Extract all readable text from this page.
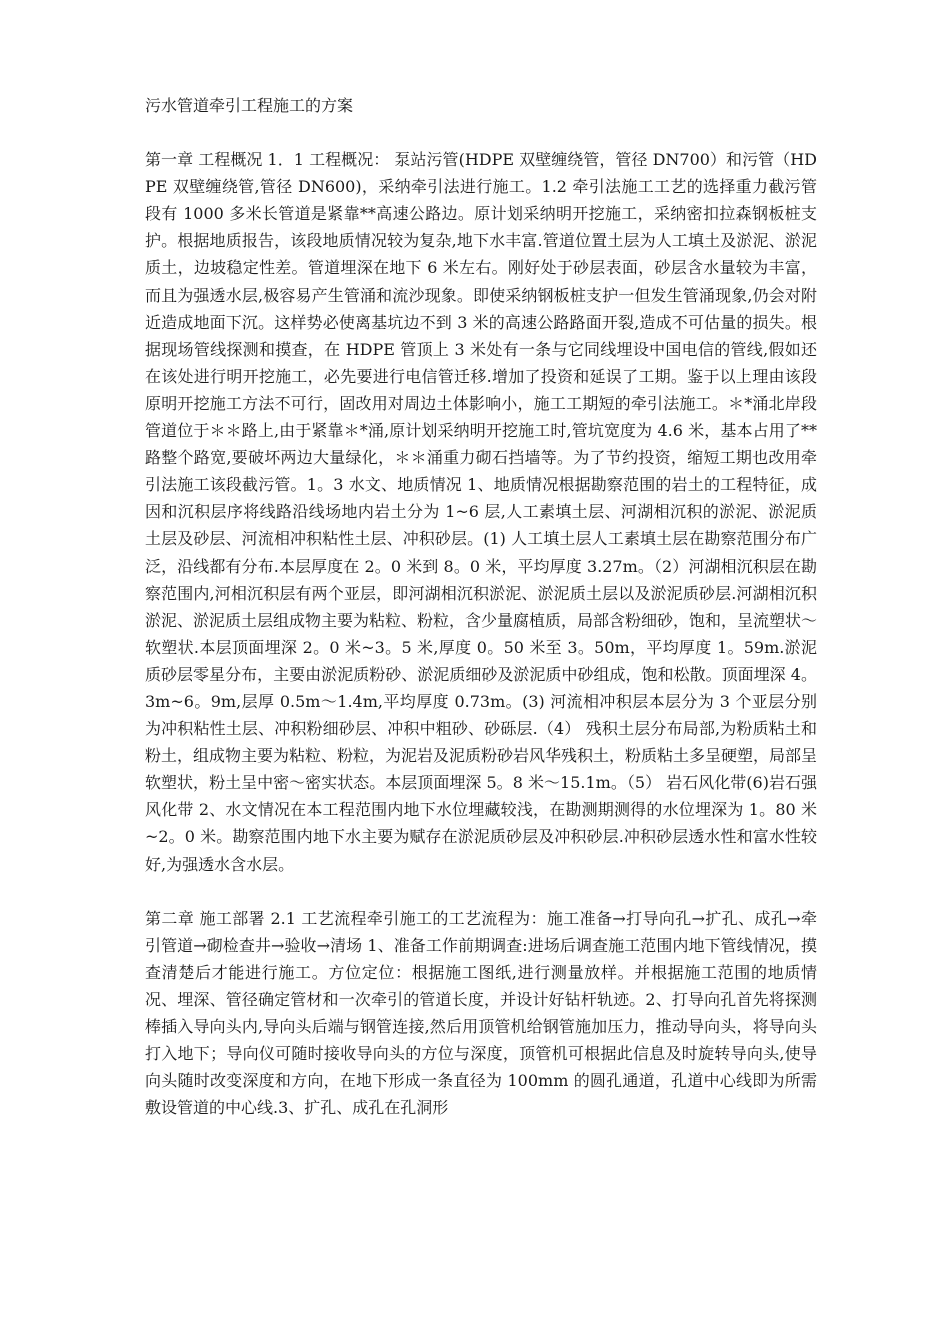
污水管道牵引工程施工的方案

第一章 工程概况 1．1 工程概况： 泵站污管(HDPE 双壁缠绕管，管径 DN700）和污管（HDPE 双壁缠绕管,管径 DN600)，采纳牵引法进行施工。1.2 牵引法施工工艺的选择重力截污管段有 1000 多米长管道是紧靠**高速公路边。原计划采纳明开挖施工，采纳密扣拉森钢板桩支护。根据地质报告，该段地质情况较为复杂,地下水丰富.管道位置土层为人工填土及淤泥、淤泥质土，边坡稳定性差。管道埋深在地下 6 米左右。刚好处于砂层表面，砂层含水量较为丰富，而且为强透水层,极容易产生管涌和流沙现象。即使采纳钢板桩支护一但发生管涌现象,仍会对附近造成地面下沉。这样势必使离基坑边不到 3 米的高速公路路面开裂,造成不可估量的损失。根据现场管线探测和摸查，在 HDPE 管顶上 3 米处有一条与它同线埋设中国电信的管线,假如还在该处进行明开挖施工，必先要进行电信管迁移.增加了投资和延误了工期。鉴于以上理由该段原明开挖施工方法不可行，固改用对周边土体影响小，施工工期短的牵引法施工。＊*涌北岸段管道位于＊＊路上,由于紧靠＊*涌,原计划采纳明开挖施工时,管坑宽度为 4.6 米，基本占用了**路整个路宽,要破坏两边大量绿化，＊＊涌重力砌石挡墙等。为了节约投资，缩短工期也改用牵引法施工该段截污管。1。3 水文、地质情况 1、地质情况根据勘察范围的岩土的工程特征，成因和沉积层序将线路沿线场地内岩土分为 1~6 层,人工素填土层、河湖相沉积的淤泥、淤泥质土层及砂层、河流相冲积粘性土层、冲积砂层。(1) 人工填土层人工素填土层在勘察范围分布广泛，沿线都有分布.本层厚度在 2。0 米到 8。0 米，平均厚度 3.27m。（2）河湖相沉积层在勘察范围内,河相沉积层有两个亚层，即河湖相沉积淤泥、淤泥质土层以及淤泥质砂层.河湖相沉积淤泥、淤泥质土层组成物主要为粘粒、粉粒，含少量腐植质，局部含粉细砂，饱和，呈流塑状～软塑状.本层顶面埋深 2。0 米~3。5 米,厚度 0。50 米至 3。50m，平均厚度 1。59m.淤泥质砂层零星分布，主要由淤泥质粉砂、淤泥质细砂及淤泥质中砂组成，饱和松散。顶面埋深 4。3m~6。9m,层厚 0.5m～1.4m,平均厚度 0.73m。(3) 河流相冲积层本层分为 3 个亚层分别为冲积粘性土层、冲积粉细砂层、冲积中粗砂、砂砾层.（4） 残积土层分布局部,为粉质粘土和粉土，组成物主要为粘粒、粉粒，为泥岩及泥质粉砂岩风华残积土，粉质粘土多呈硬塑，局部呈软塑状，粉土呈中密～密实状态。本层顶面埋深 5。8 米～15.1m。（5） 岩石风化带(6)岩石强风化带 2、水文情况在本工程范围内地下水位埋藏较浅，在勘测期测得的水位埋深为 1。80 米~2。0 米。勘察范围内地下水主要为赋存在淤泥质砂层及冲积砂层.冲积砂层透水性和富水性较好,为强透水含水层。

第二章 施工部署 2.1 工艺流程牵引施工的工艺流程为：施工准备→打导向孔→扩孔、成孔→牵引管道→砌检查井→验收→清场 1、准备工作前期调查:进场后调查施工范围内地下管线情况，摸查清楚后才能进行施工。方位定位：根据施工图纸,进行测量放样。并根据施工范围的地质情况、埋深、管径确定管材和一次牵引的管道长度，并设计好钻杆轨迹。2、打导向孔首先将探测棒插入导向头内,导向头后端与钢管连接,然后用顶管机给钢管施加压力，推动导向头，将导向头打入地下；导向仪可随时接收导向头的方位与深度，顶管机可根据此信息及时旋转导向头,使导向头随时改变深度和方向，在地下形成一条直径为 100mm 的圆孔通道，孔道中心线即为所需敷设管道的中心线.3、扩孔、成孔在孔洞形
